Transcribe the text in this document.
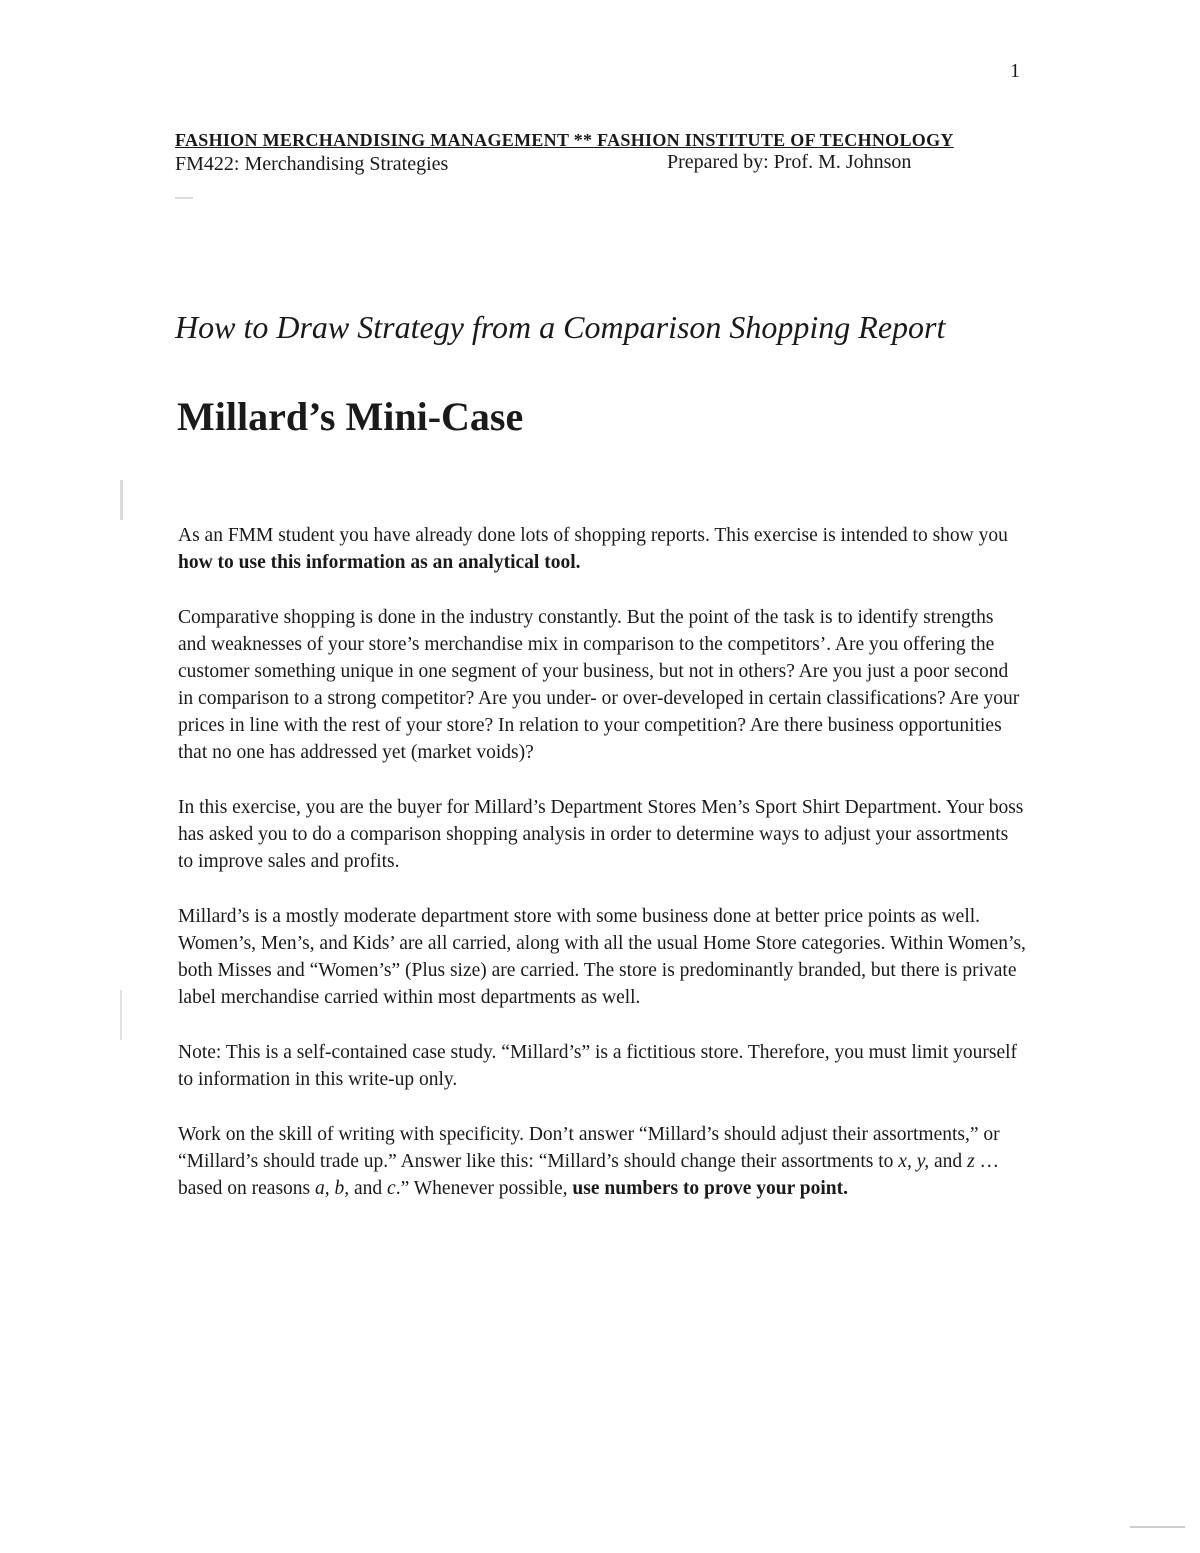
1
FASHION MERCHANDISING MANAGEMENT ** FASHION INSTITUTE OF TECHNOLOGY
FM422: Merchandising Strategies	Prepared by: Prof. M. Johnson
How to Draw Strategy from a Comparison Shopping Report
Millard’s Mini-Case

As an FMM student you have already done lots of shopping reports. This exercise is intended to show you how to use this information as an analytical tool.

Comparative shopping is done in the industry constantly. But the point of the task is to identify strengths and weaknesses of your store’s merchandise mix in comparison to the competitors’. Are you offering the customer something unique in one segment of your business, but not in others? Are you just a poor second in comparison to a strong competitor? Are you under- or over-developed in certain classifications? Are your prices in line with the rest of your store? In relation to your competition? Are there business opportunities that no one has addressed yet (market voids)?

In this exercise, you are the buyer for Millard’s Department Stores Men’s Sport Shirt Department. Your boss has asked you to do a comparison shopping analysis in order to determine ways to adjust your assortments to improve sales and profits.

Millard’s is a mostly moderate department store with some business done at better price points as well. Women’s, Men’s, and Kids’ are all carried, along with all the usual Home Store categories. Within Women’s, both Misses and “Women’s” (Plus size) are carried. The store is predominantly branded, but there is private label merchandise carried within most departments as well.

Note: This is a self-contained case study. “Millard’s” is a fictitious store. Therefore, you must limit yourself to information in this write-up only.

Work on the skill of writing with specificity. Don’t answer “Millard’s should adjust their assortments,” or “Millard’s should trade up.” Answer like this: “Millard’s should change their assortments to x, y, and z … based on reasons a, b, and c.” Whenever possible, use numbers to prove your point.
